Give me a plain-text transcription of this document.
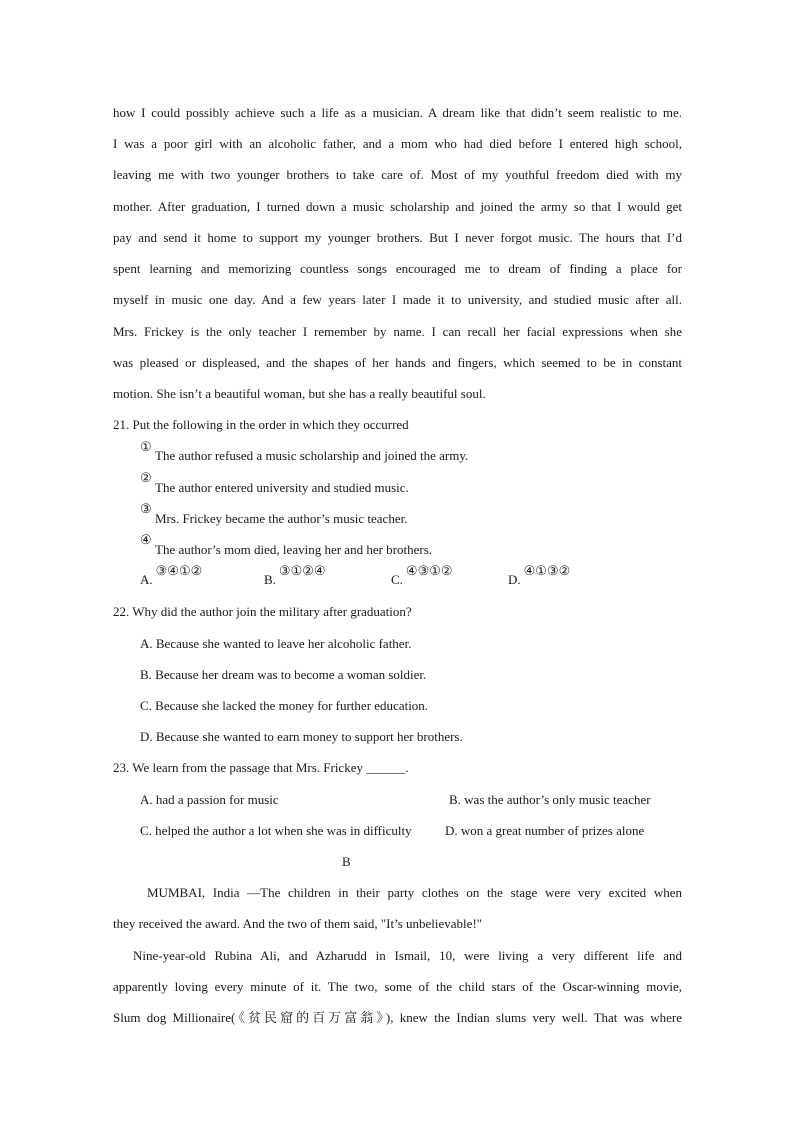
how I could possibly achieve such a life as a musician. A dream like that didn’t seem realistic to me.
I was a poor girl with an alcoholic father, and a mom who had died before I entered high school,
leaving me with two younger brothers to take care of. Most of my youthful freedom died with my
mother. After graduation, I turned down a music scholarship and joined the army so that I would get
pay and send it home to support my younger brothers. But I never forgot music. The hours that I’d
spent learning and memorizing countless songs encouraged me to dream of finding a place for
myself in music one day. And a few years later I made it to university, and studied music after all.
Mrs. Frickey is the only teacher I remember by name. I can recall her facial expressions when she
was pleased or displeased, and the shapes of her hands and fingers, which seemed to be in constant
motion. She isn’t a beautiful woman, but she has a really beautiful soul.
21. Put the following in the order in which they occurred
①
The author refused a music scholarship and joined the army.
②
The author entered university and studied music.
③
Mrs. Frickey became the author’s music teacher.
④
The author’s mom died, leaving her and her brothers.
A.③④①②
B.③①②④
C.④③①②
D.④①③②
22. Why did the author join the military after graduation?
A. Because she wanted to leave her alcoholic father.
B. Because her dream was to become a woman soldier.
C. Because she lacked the money for further education.
D. Because she wanted to earn money to support her brothers.
23. We learn from the passage that Mrs. Frickey ______.
A. had a passion for music	B. was the author’s only music teacher
C. helped the author a lot when she was in difficulty	D. won a great number of prizes alone
B
MUMBAI, India —The children in their party clothes on the stage were very excited when
they received the award. And the two of them said, "It’s unbelievable!"
Nine-year-old Rubina Ali, and Azharudd in Ismail, 10, were living a very different life and
apparently loving every minute of it. The two, some of the child stars of the Oscar-winning movie,
Slum dog Millionaire(《贫民窟的百万富翁》), knew the Indian slums very well. That was where
